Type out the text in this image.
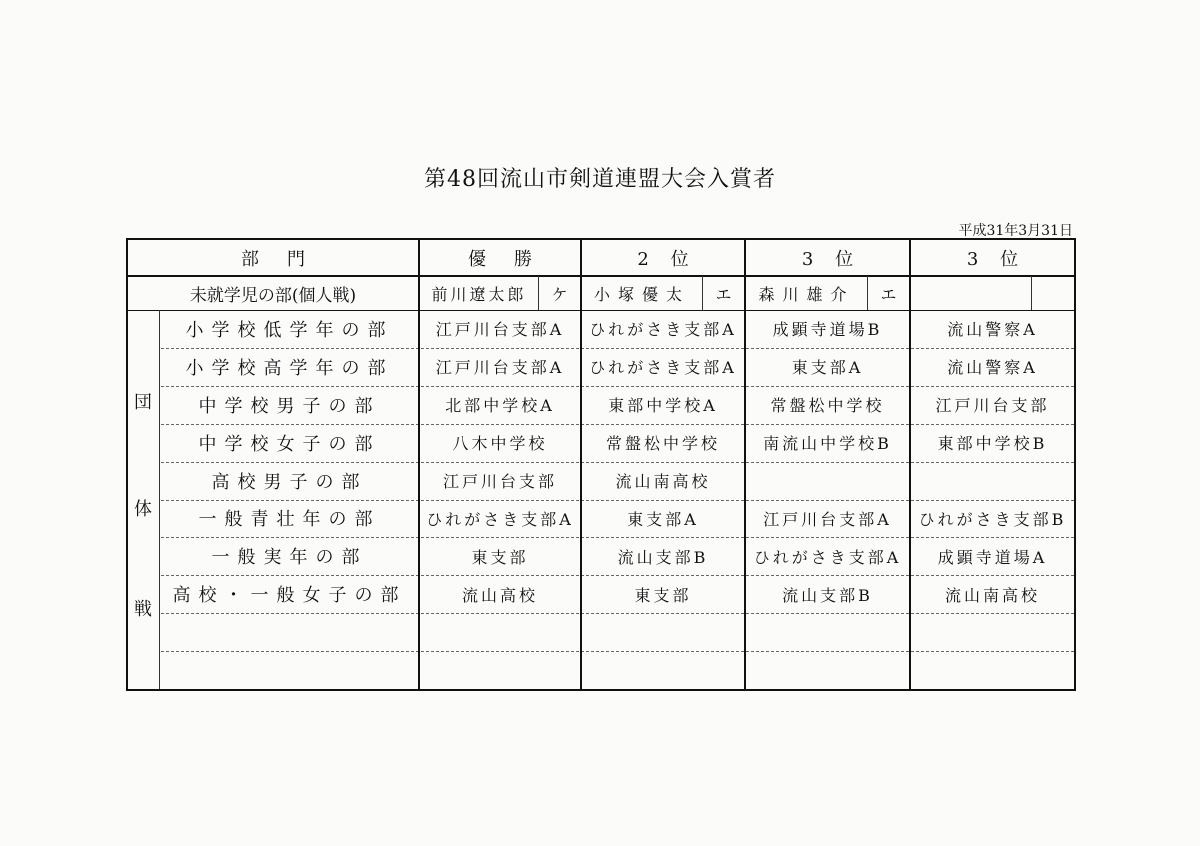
第48回流山市剣道連盟大会入賞者
平成31年3月31日
部門	優勝	2 位	3 位	3 位
未就学児の部(個人戦)	前川遼太郎	ケ	小塚優太	エ	森川雄介	エ
団
体
戦
小学校低学年の部	江戸川台支部A	ひれがさき支部A	成顕寺道場B	流山警察A
小学校高学年の部	江戸川台支部A	ひれがさき支部A	東支部A	流山警察A
中学校男子の部	北部中学校A	東部中学校A	常盤松中学校	江戸川台支部
中学校女子の部	八木中学校	常盤松中学校	南流山中学校B	東部中学校B
高校男子の部	江戸川台支部	流山南高校
一般青壮年の部	ひれがさき支部A	東支部A	江戸川台支部A	ひれがさき支部B
一般実年の部	東支部	流山支部B	ひれがさき支部A	成顕寺道場A
高校・一般女子の部	流山高校	東支部	流山支部B	流山南高校
